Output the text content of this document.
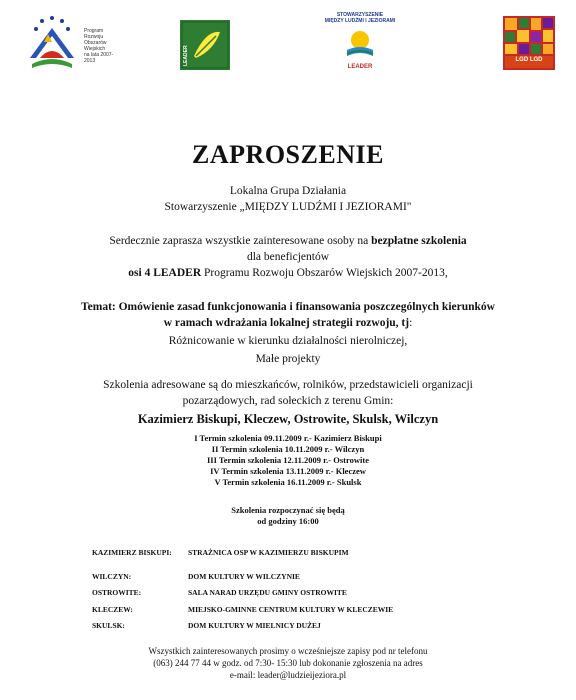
Program
Rozwoju
Obszarów
Wiejskich
na lata 2007-2013	LEADER
STOWARZYSZENIE
MIĘDZY LUDŹMI I JEZIORAMI
LEADER
LGD LGD
ZAPROSZENIE
Lokalna Grupa Działania
Stowarzyszenie „MIĘDZY LUDŹMI I JEZIORAMI"
Serdecznie zaprasza wszystkie zainteresowane osoby na bezpłatne szkolenia
dla beneficjentów
osi 4 LEADER Programu Rozwoju Obszarów Wiejskich 2007-2013,
Temat: Omówienie zasad funkcjonowania i finansowania poszczególnych kierunków
w ramach wdrażania lokalnej strategii rozwoju, tj:
Różnicowanie w kierunku działalności nierolniczej,
Małe projekty
Szkolenia adresowane są do mieszkańców, rolników, przedstawicieli organizacji
pozarządowych, rad sołeckich z terenu Gmin:
Kazimierz Biskupi, Kleczew, Ostrowite, Skulsk, Wilczyn
I Termin szkolenia 09.11.2009 r.- Kazimierz Biskupi
II Termin szkolenia 10.11.2009 r.- Wilczyn
III Termin szkolenia 12.11.2009 r.- Ostrowite
IV Termin szkolenia 13.11.2009 r.- Kleczew
V Termin szkolenia 16.11.2009 r.- Skulsk
Szkolenia rozpoczynać się będą
od godziny 16:00
KAZIMIERZ BISKUPI: STRAŻNICA OSP W KAZIMIERZU BISKUPIM
WILCZYN:	DOM KULTURY W WILCZYNIE
OSTROWITE:	SALA NARAD URZĘDU GMINY OSTROWITE
KLECZEW:	MIEJSKO-GMINNE CENTRUM KULTURY W KLECZEWIE
SKULSK:	DOM KULTURY W MIELNICY DUŻEJ
Wszystkich zainteresowanych prosimy o wcześniejsze zapisy pod nr telefonu
(063) 244 77 44 w godz. od 7:30- 15:30 lub dokonanie zgłoszenia na adres
e-mail: leader@ludzieijeziora.pl
